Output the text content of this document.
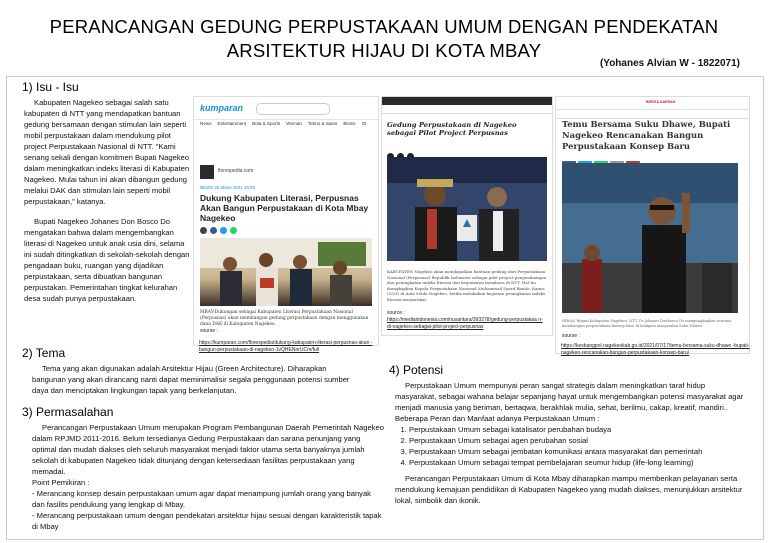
PERANCANGAN GEDUNG PERPUSTAKAAN UMUM DENGAN PENDEKATAN
ARSITEKTUR HIJAU DI KOTA MBAY
(Yohanes Alvian W - 1822071)
1) Isu - Isu

Kabupaten Nagekeo sebagai salah satu kabupaten di NTT yang mendapatkan bantuan gedung bersamaan dengan stimulan lain seperti mobil perpustakaan dalam mendukung pilot project Perpustakaan Nasional di NTT. "Kami senang sekali dengan komitmen Bupati Nagekeo dalam meningkatkan indeks literasi di Kabupaten Nagekeo. Mulai tahun ini akan dibangun gedung melalui DAK dan stimulan lain seperti mobil perpustakaan," katanya.

Bupati Nagekeo Johanes Don Bosco Do mengatakan bahwa dalam mengembangkan literasi di Nagekeo untuk anak usia dini, selama ini sudah ditingkatkan di sekolah-sekolah dengan pengadaan buku, ruangan yang dijadikan perpustakaan, serta dibuatkan bangunan perpustakan. Pemerintahan tingkat kelurahan desa sudah punya perpustakaan.

2) Tema

Tema yang akan digunakan adalah Arsitektur Hijau (Green Architecture). Diharapkan bangunan yang akan dirancang nanti dapat meminimalisir segala penggunaan potensi sumber daya dan menciptakan lingkungan tapak yang berkelanjutan.

3) Permasalahan

Perancangan Perpustakaan Umum merupakan Program Pembangunan Daerah Pemerintah Nagekeo dalam RPJMD 2011-2016. Belum tersedianya Gedung Perpustakaan dan sarana penunjang yang optimal dan mudah diakses oleh seluruh masyarakat menjadi faktor utama serta banyaknya jumlah sekolah di kabupaten Nagekeo tidak ditunjang dengan ketersediaan fasilitas perpustakaan yang memadai.

Point Pemikiran :

- Merancang konsep desain perpustakaan umum agar dapat menampung jumlah orang yang banyak dan fasilits pendukung yang lengkap di Mbay.
- Merancang perpustakaan umum dengan pendekatan arsitektur hijau sesuai dengan karakteristik tapak di Mbay
4) Potensi

Perpustakaan Umum mempunyai peran sangat strategis dalam meningkatkan taraf hidup masyarakat, sebagai wahana belajar sepanjang hayat untuk mengembangkan potensi masyarakat agar menjadi manusia yang beriman, bertaqwa, berakhlak mulia, sehat, berilmu, cakap, kreatif, mandiri..

Beberapa Peran dan Manfaat adanya Perpustakaan Umum :

1. Perpustakaan Umum sebagai katalisator perubahan budaya
2. Perpustakaan Umum sebagai agen perubahan sosial
3. Perpustakaan Umum sebagai jembatan komunikasi antara masyarakat dan pemerintah
4. Perpustakaan Umum sebagai tempat pembelajaran seumur hidup (life-long learning)

Perancangan Perpustakaan Umum di Kota Mbay diharapkan mampu memberikan pelayanan serta mendukung kemajuan pendidikan di Kabupaten Nagekeo yang mudah diakses, menunjukkan arsitektur lokal, simbolik dan ikonik.

kumparan
News Entertainment Bola & Sports Woman Tekno & Sains Bisnis Ot
florespedia.com
NEWS 25 Maret 2021 18:09
Dukung Kabupaten Literasi, Perpusnas Akan Bangun Perpustakaan di Kota Mbay Nagekeo
MBAY-Dukungan sebagai Kabupaten Literasi Perpustakaan Nasional (Perpusnas) akan membangun gedung perpustakaan dengan menggunakan dana DAK di Kabupaten Nagekeo.
sourse :
https://kumparan.com/florespedia/dukung-kabupaten-literasi-perpusnas-akan -bangun-perpustakaan-di-nagekeo-1vQHENnrUCm/full
Gedung Perpustakaan di Nagekeo sebagai Pilot Project Perpusnas
KABUPATEN Nagekeo akan mendapatkan bantuan gedung dari Perpustakaan Nasional (Perpusnas) Republik Indonesia sebagai pilot project pengembangan dan peningkatan indeks literasi dan kegemaran membaca di NTT. Hal itu diungkapkan Kepala Perpustakaan Nasional Muhammad Syarif Bando, Kamis (25/3) di Aula Setda Nagekeo, ketika melakukan kegiatan peningkatan indeks literasi masyarakat.
source :
https://mediaindonesia.com/nusantara/393278/gedung-perpustakaa n-di-nagekeo-sebagai-pilot-project-perpusnas
BERITA DAERAH
Temu Bersama Suku Dhawe, Bupati Nagekeo Rencanakan Bangun Perpustakaan Konsep Baru
HIBAS/ Bupati Kabupaten Nagekeo, NTT, Dr Johanes Donbosco Do mengungkapkan rencana membangun perpustakaan konsep baru di hadapan masyarakat Suku Dhawe.
sourse :
https://kesbangpol.nagekeokab.go.id/2021/07/17/temu-bersama-suku-dhawe -bupati-nagekeo-rencanakan-bangun-perpustakaan-konsep-baru/
